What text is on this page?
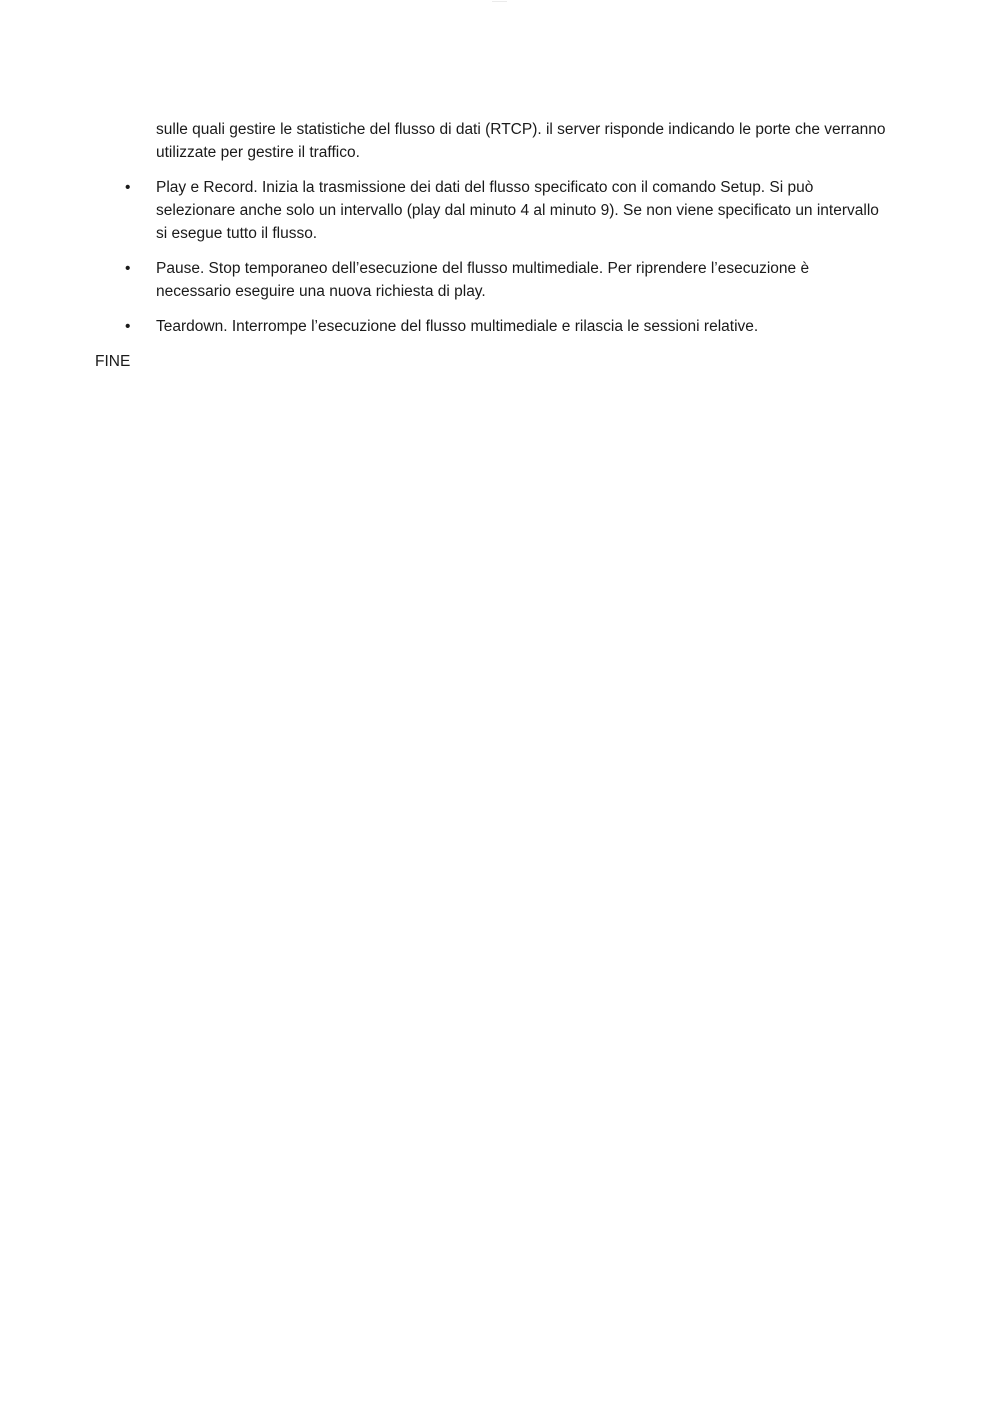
—————

sulle quali gestire le statistiche del flusso di dati (RTCP). il server risponde indicando le porte che verranno utilizzate per gestire il traffico.

• Play e Record. Inizia la trasmissione dei dati del flusso specificato con il comando Setup. Si può selezionare anche solo un intervallo (play dal minuto 4 al minuto 9). Se non viene specificato un intervallo si esegue tutto il flusso.
• Pause. Stop temporaneo dell’esecuzione del flusso multimediale. Per riprendere l’esecuzione è necessario eseguire una nuova richiesta di play.
• Teardown. Interrompe l’esecuzione del flusso multimediale e rilascia le sessioni relative.

FINE
